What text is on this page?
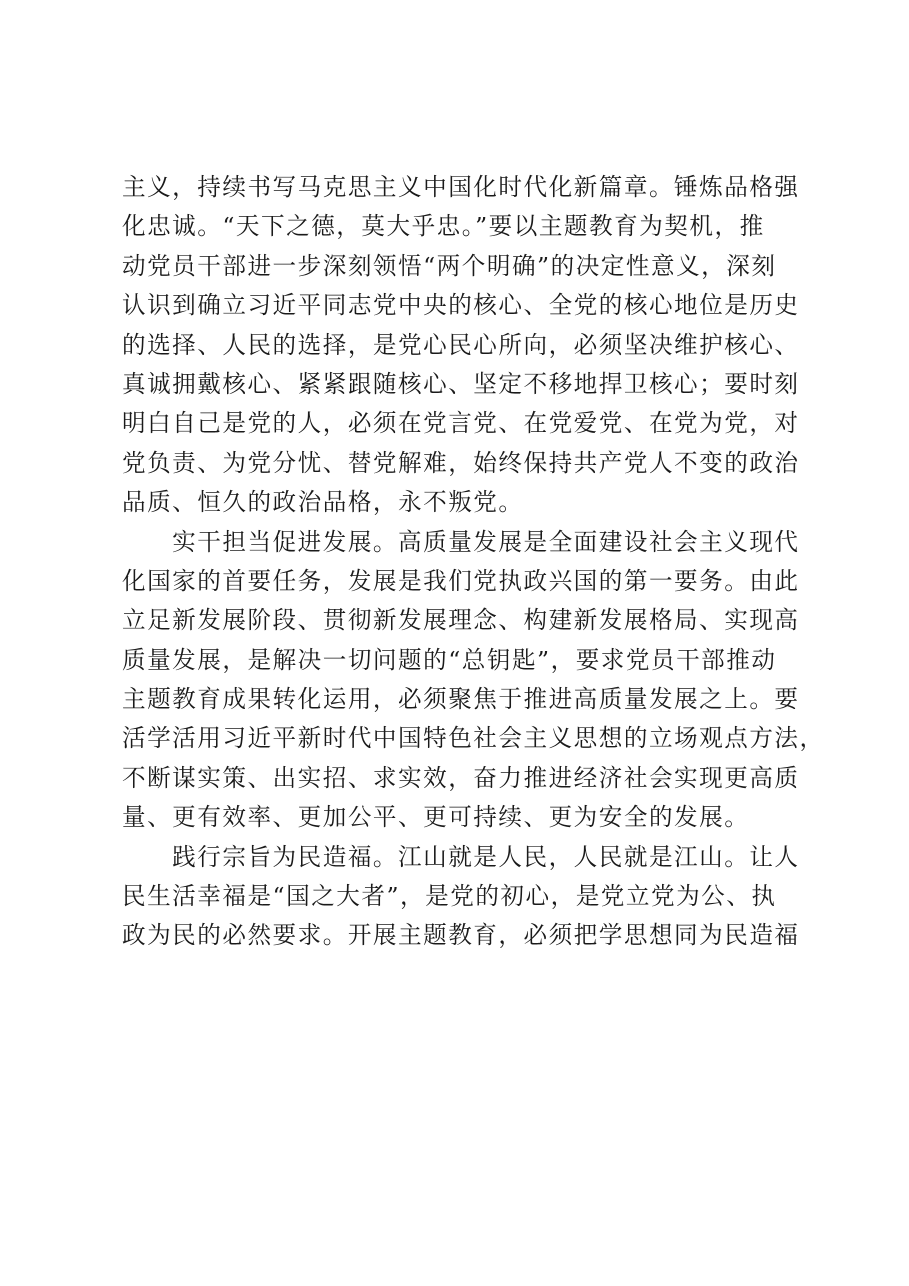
主义，持续书写马克思主义中国化时代化新篇章。锤炼品格强
化忠诚。“天下之德，莫大乎忠。”要以主题教育为契机，推
动党员干部进一步深刻领悟“两个明确”的决定性意义，深刻
认识到确立习近平同志党中央的核心、全党的核心地位是历史
的选择、人民的选择，是党心民心所向，必须坚决维护核心、
真诚拥戴核心、紧紧跟随核心、坚定不移地捍卫核心；要时刻
明白自己是党的人，必须在党言党、在党爱党、在党为党，对
党负责、为党分忧、替党解难，始终保持共产党人不变的政治
品质、恒久的政治品格，永不叛党。
　　实干担当促进发展。高质量发展是全面建设社会主义现代
化国家的首要任务，发展是我们党执政兴国的第一要务。由此
立足新发展阶段、贯彻新发展理念、构建新发展格局、实现高
质量发展，是解决一切问题的“总钥匙”，要求党员干部推动
主题教育成果转化运用，必须聚焦于推进高质量发展之上。要
活学活用习近平新时代中国特色社会主义思想的立场观点方法，
不断谋实策、出实招、求实效，奋力推进经济社会实现更高质
量、更有效率、更加公平、更可持续、更为安全的发展。
　　践行宗旨为民造福。江山就是人民，人民就是江山。让人
民生活幸福是“国之大者”，是党的初心，是党立党为公、执
政为民的必然要求。开展主题教育，必须把学思想同为民造福
